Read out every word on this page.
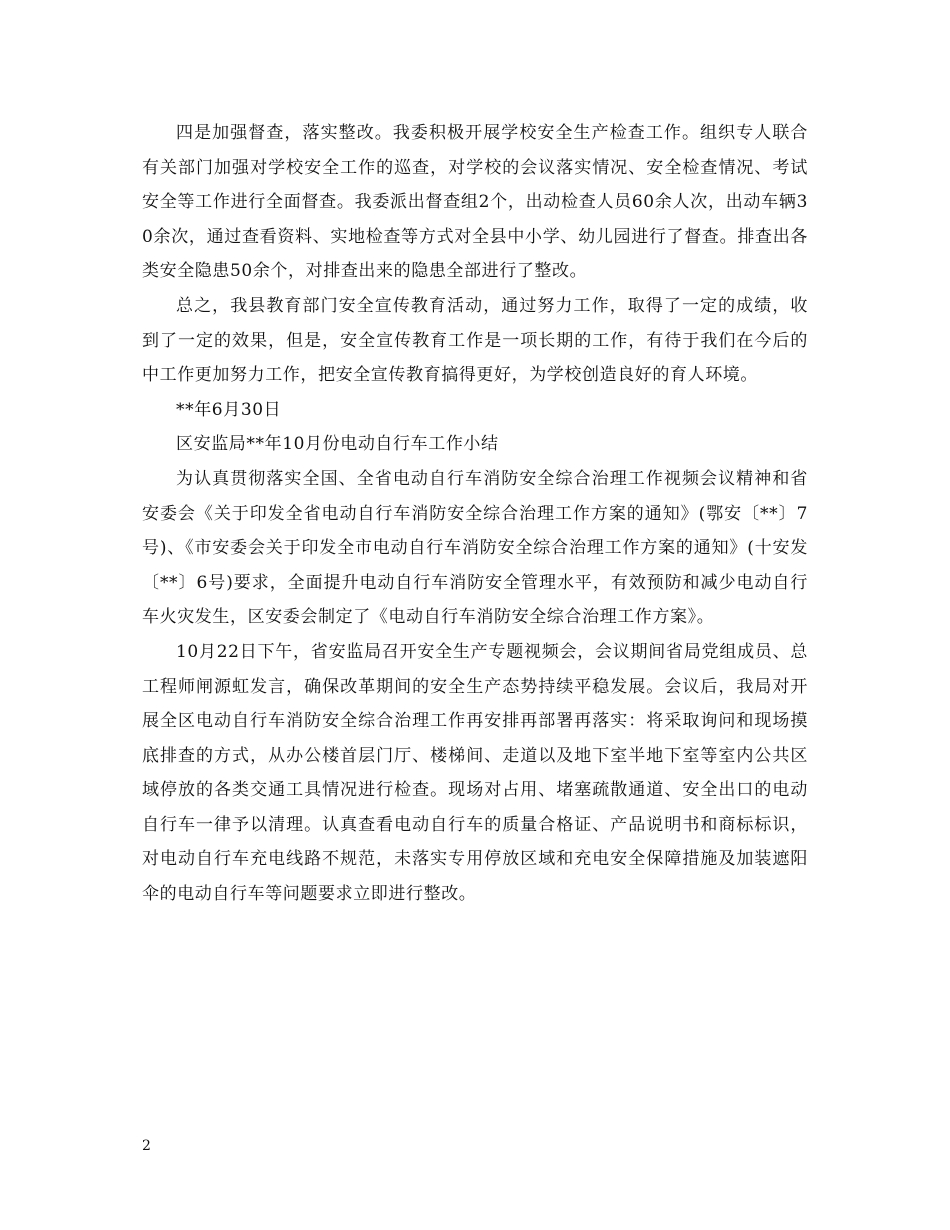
四是加强督查，落实整改。我委积极开展学校安全生产检查工作。组织专人联合有关部门加强对学校安全工作的巡查，对学校的会议落实情况、安全检查情况、考试安全等工作进行全面督查。我委派出督查组2个，出动检查人员60余人次，出动车辆30余次，通过查看资料、实地检查等方式对全县中小学、幼儿园进行了督查。排查出各类安全隐患50余个，对排查出来的隐患全部进行了整改。

总之，我县教育部门安全宣传教育活动，通过努力工作，取得了一定的成绩，收到了一定的效果，但是，安全宣传教育工作是一项长期的工作，有待于我们在今后的中工作更加努力工作，把安全宣传教育搞得更好，为学校创造良好的育人环境。

**年6月30日

区安监局**年10月份电动自行车工作小结

为认真贯彻落实全国、全省电动自行车消防安全综合治理工作视频会议精神和省安委会《关于印发全省电动自行车消防安全综合治理工作方案的通知》(鄂安〔**〕7号)、《市安委会关于印发全市电动自行车消防安全综合治理工作方案的通知》(十安发〔**〕6号)要求，全面提升电动自行车消防安全管理水平，有效预防和减少电动自行车火灾发生，区安委会制定了《电动自行车消防安全综合治理工作方案》。

10月22日下午，省安监局召开安全生产专题视频会，会议期间省局党组成员、总工程师闸源虹发言，确保改革期间的安全生产态势持续平稳发展。会议后，我局对开展全区电动自行车消防安全综合治理工作再安排再部署再落实：将采取询问和现场摸底排查的方式，从办公楼首层门厅、楼梯间、走道以及地下室半地下室等室内公共区域停放的各类交通工具情况进行检查。现场对占用、堵塞疏散通道、安全出口的电动自行车一律予以清理。认真查看电动自行车的质量合格证、产品说明书和商标标识，对电动自行车充电线路不规范，未落实专用停放区域和充电安全保障措施及加装遮阳伞的电动自行车等问题要求立即进行整改。

2
